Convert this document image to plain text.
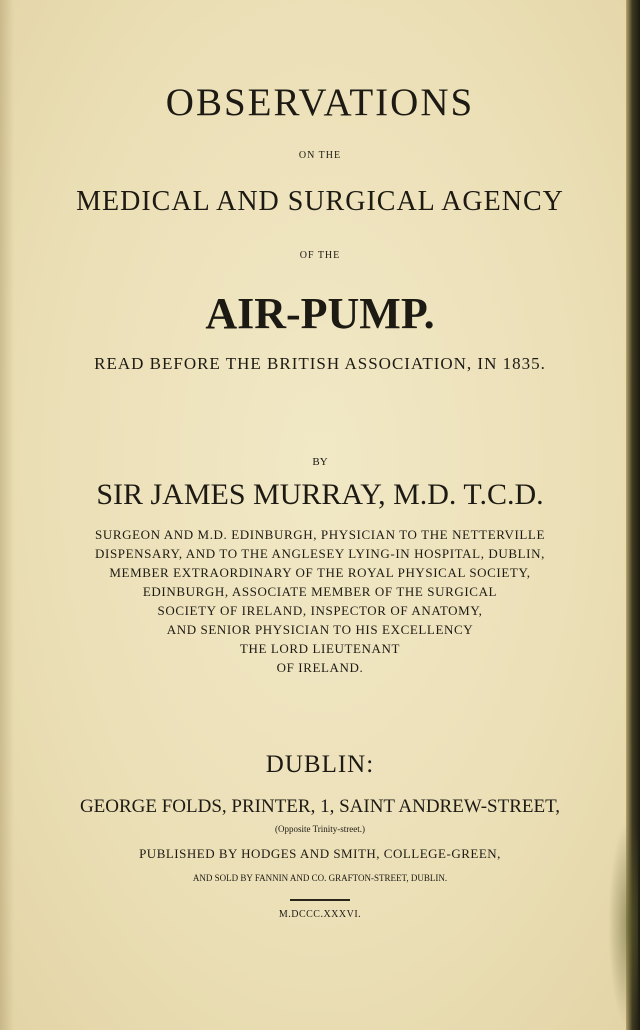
OBSERVATIONS
ON THE
MEDICAL AND SURGICAL AGENCY
OF THE
AIR-PUMP.
READ BEFORE THE BRITISH ASSOCIATION, IN 1835.
BY
SIR JAMES MURRAY, M.D. T.C.D.
SURGEON AND M.D. EDINBURGH, PHYSICIAN TO THE NETTERVILLE
DISPENSARY, AND TO THE ANGLESEY LYING-IN HOSPITAL, DUBLIN,
MEMBER EXTRAORDINARY OF THE ROYAL PHYSICAL SOCIETY,
EDINBURGH, ASSOCIATE MEMBER OF THE SURGICAL
SOCIETY OF IRELAND, INSPECTOR OF ANATOMY,
AND SENIOR PHYSICIAN TO HIS EXCELLENCY
THE LORD LIEUTENANT
OF IRELAND.
DUBLIN:
GEORGE FOLDS, PRINTER, 1, SAINT ANDREW-STREET,
(Opposite Trinity-street.)
PUBLISHED BY HODGES AND SMITH, COLLEGE-GREEN,
AND SOLD BY FANNIN AND CO. GRAFTON-STREET, DUBLIN.
M.DCCC.XXXVI.
